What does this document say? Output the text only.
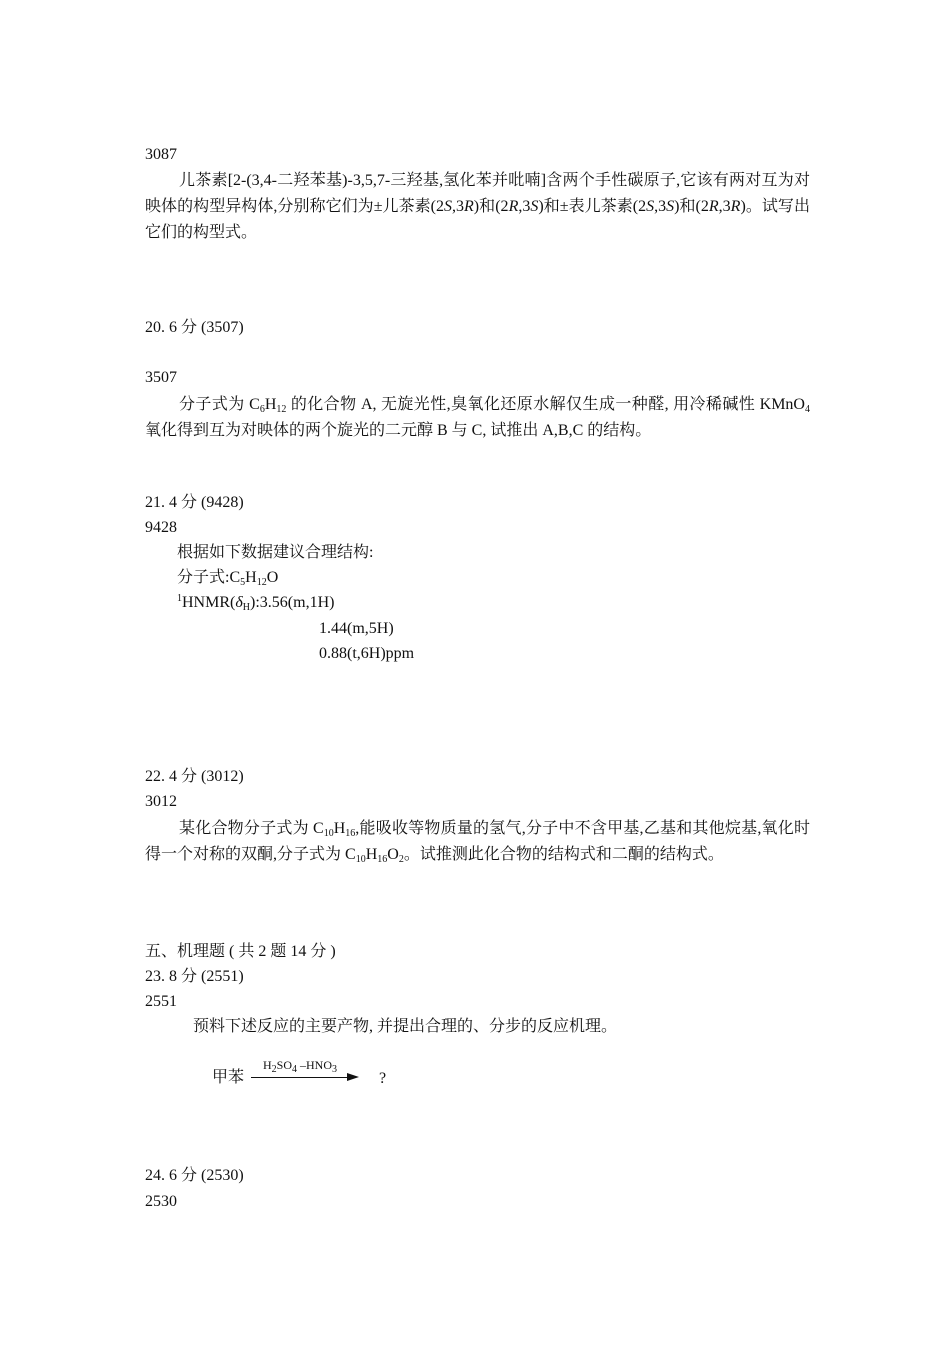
3087
儿茶素[2-(3,4-二羟苯基)-3,5,7-三羟基,氢化苯并吡喃]含两个手性碳原子,它该有两对互为对映体的构型异构体,分别称它们为±儿茶素(2S,3R)和(2R,3S)和±表儿茶素(2S,3S)和(2R,3R)。试写出它们的构型式。
20. 6 分 (3507)
3507
分子式为 $C_6H_{12}$ 的化合物 A, 无旋光性,臭氧化还原水解仅生成一种醛, 用冷稀碱性 KMnO$_4$ 氧化得到互为对映体的两个旋光的二元醇 B 与 C, 试推出 A,B,C 的结构。
21. 4 分 (9428)
9428
根据如下数据建议合理结构:
分子式$:C_5H_{12}O$
$^1HNMR(\delta_H):3.56(m,1H)$
1.44(m,5H)
0.88(t,6H)ppm
22. 4 分 (3012)
3012
某化合物分子式为 $C_{10}H_{16}$,能吸收等物质量的氢气,分子中不含甲基,乙基和其他烷基,氧化时得一个对称的双酮,分子式为 $C_{10}H_{16}O_2$。试推测此化合物的结构式和二酮的结构式。
五、机理题 ( 共 2 题 14 分 )
23. 8 分 (2551)
2551
预料下述反应的主要产物, 并提出合理的、分步的反应机理。
甲苯
$H_2SO_4$ $-HNO_3$
?
24. 6 分 (2530)
2530
